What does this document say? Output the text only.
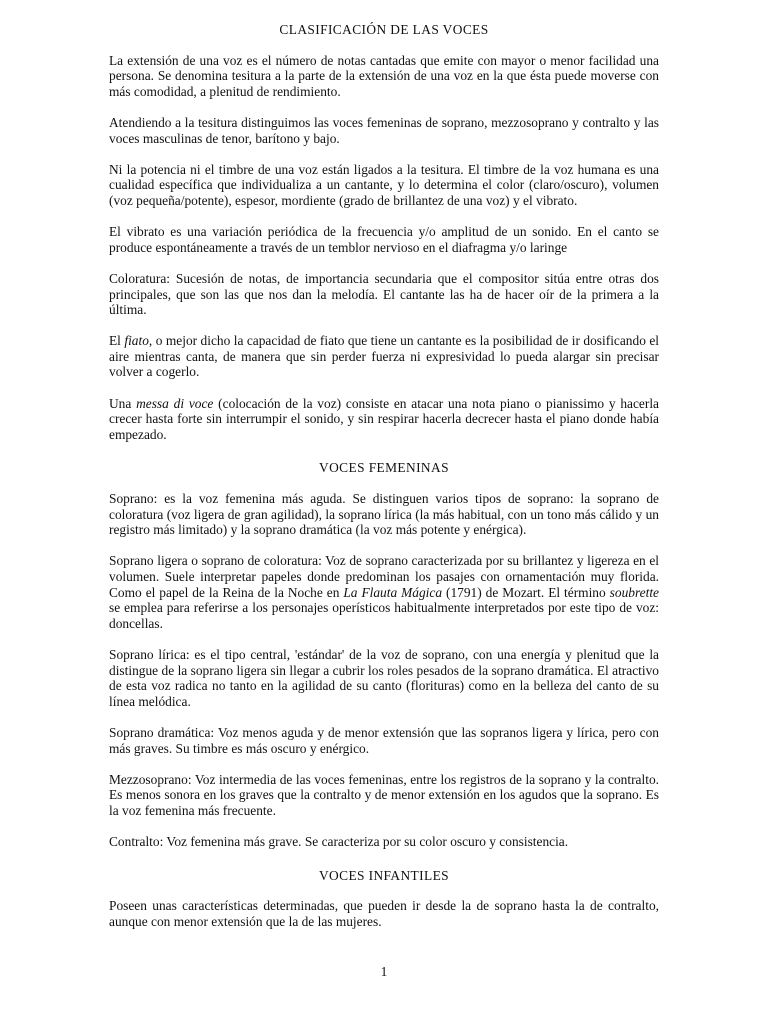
CLASIFICACIÓN DE LAS VOCES

La extensión de una voz es el número de notas cantadas que emite con mayor o menor facilidad una persona. Se denomina tesitura a la parte de la extensión de una voz en la que ésta puede moverse con más comodidad, a plenitud de rendimiento.

Atendiendo a la tesitura distinguimos las voces femeninas de soprano, mezzosoprano y contralto y las voces masculinas de tenor, barítono y bajo.

Ni la potencia ni el timbre de una voz están ligados a la tesitura. El timbre de la voz humana es una cualidad específica que individualiza a un cantante, y lo determina el color (claro/oscuro), volumen (voz pequeña/potente), espesor, mordiente (grado de brillantez de una voz) y el vibrato.

El vibrato es una variación periódica de la frecuencia y/o amplitud de un sonido. En el canto se produce espontáneamente a través de un temblor nervioso en el diafragma y/o laringe

Coloratura: Sucesión de notas, de importancia secundaria que el compositor sitúa entre otras dos principales, que son las que nos dan la melodía. El cantante las ha de hacer oír de la primera a la última.

El fiato, o mejor dicho la capacidad de fiato que tiene un cantante es la posibilidad de ir dosificando el aire mientras canta, de manera que sin perder fuerza ni expresividad lo pueda alargar sin precisar volver a cogerlo.

Una messa di voce (colocación de la voz) consiste en atacar una nota piano o pianissimo y hacerla crecer hasta forte sin interrumpir el sonido, y sin respirar hacerla decrecer hasta el piano donde había empezado.

VOCES FEMENINAS

Soprano: es la voz femenina más aguda. Se distinguen varios tipos de soprano: la soprano de coloratura (voz ligera de gran agilidad), la soprano lírica (la más habitual, con un tono más cálido y un registro más limitado) y la soprano dramática (la voz más potente y enérgica).

Soprano ligera o soprano de coloratura: Voz de soprano caracterizada por su brillantez y ligereza en el volumen. Suele interpretar papeles donde predominan los pasajes con ornamentación muy florida. Como el papel de la Reina de la Noche en La Flauta Mágica (1791) de Mozart. El término soubrette se emplea para referirse a los personajes operísticos habitualmente interpretados por este tipo de voz: doncellas.

Soprano lírica: es el tipo central, 'estándar' de la voz de soprano, con una energía y plenitud que la distingue de la soprano ligera sin llegar a cubrir los roles pesados de la soprano dramática. El atractivo de esta voz radica no tanto en la agilidad de su canto (florituras) como en la belleza del canto de su línea melódica.

Soprano dramática: Voz menos aguda y de menor extensión que las sopranos ligera y lírica, pero con más graves. Su timbre es más oscuro y enérgico.

Mezzosoprano: Voz intermedia de las voces femeninas, entre los registros de la soprano y la contralto. Es menos sonora en los graves que la contralto y de menor extensión en los agudos que la soprano. Es la voz femenina más frecuente.

Contralto: Voz femenina más grave. Se caracteriza por su color oscuro y consistencia.

VOCES INFANTILES

Poseen unas características determinadas, que pueden ir desde la de soprano hasta la de contralto, aunque con menor extensión que la de las mujeres.

1
